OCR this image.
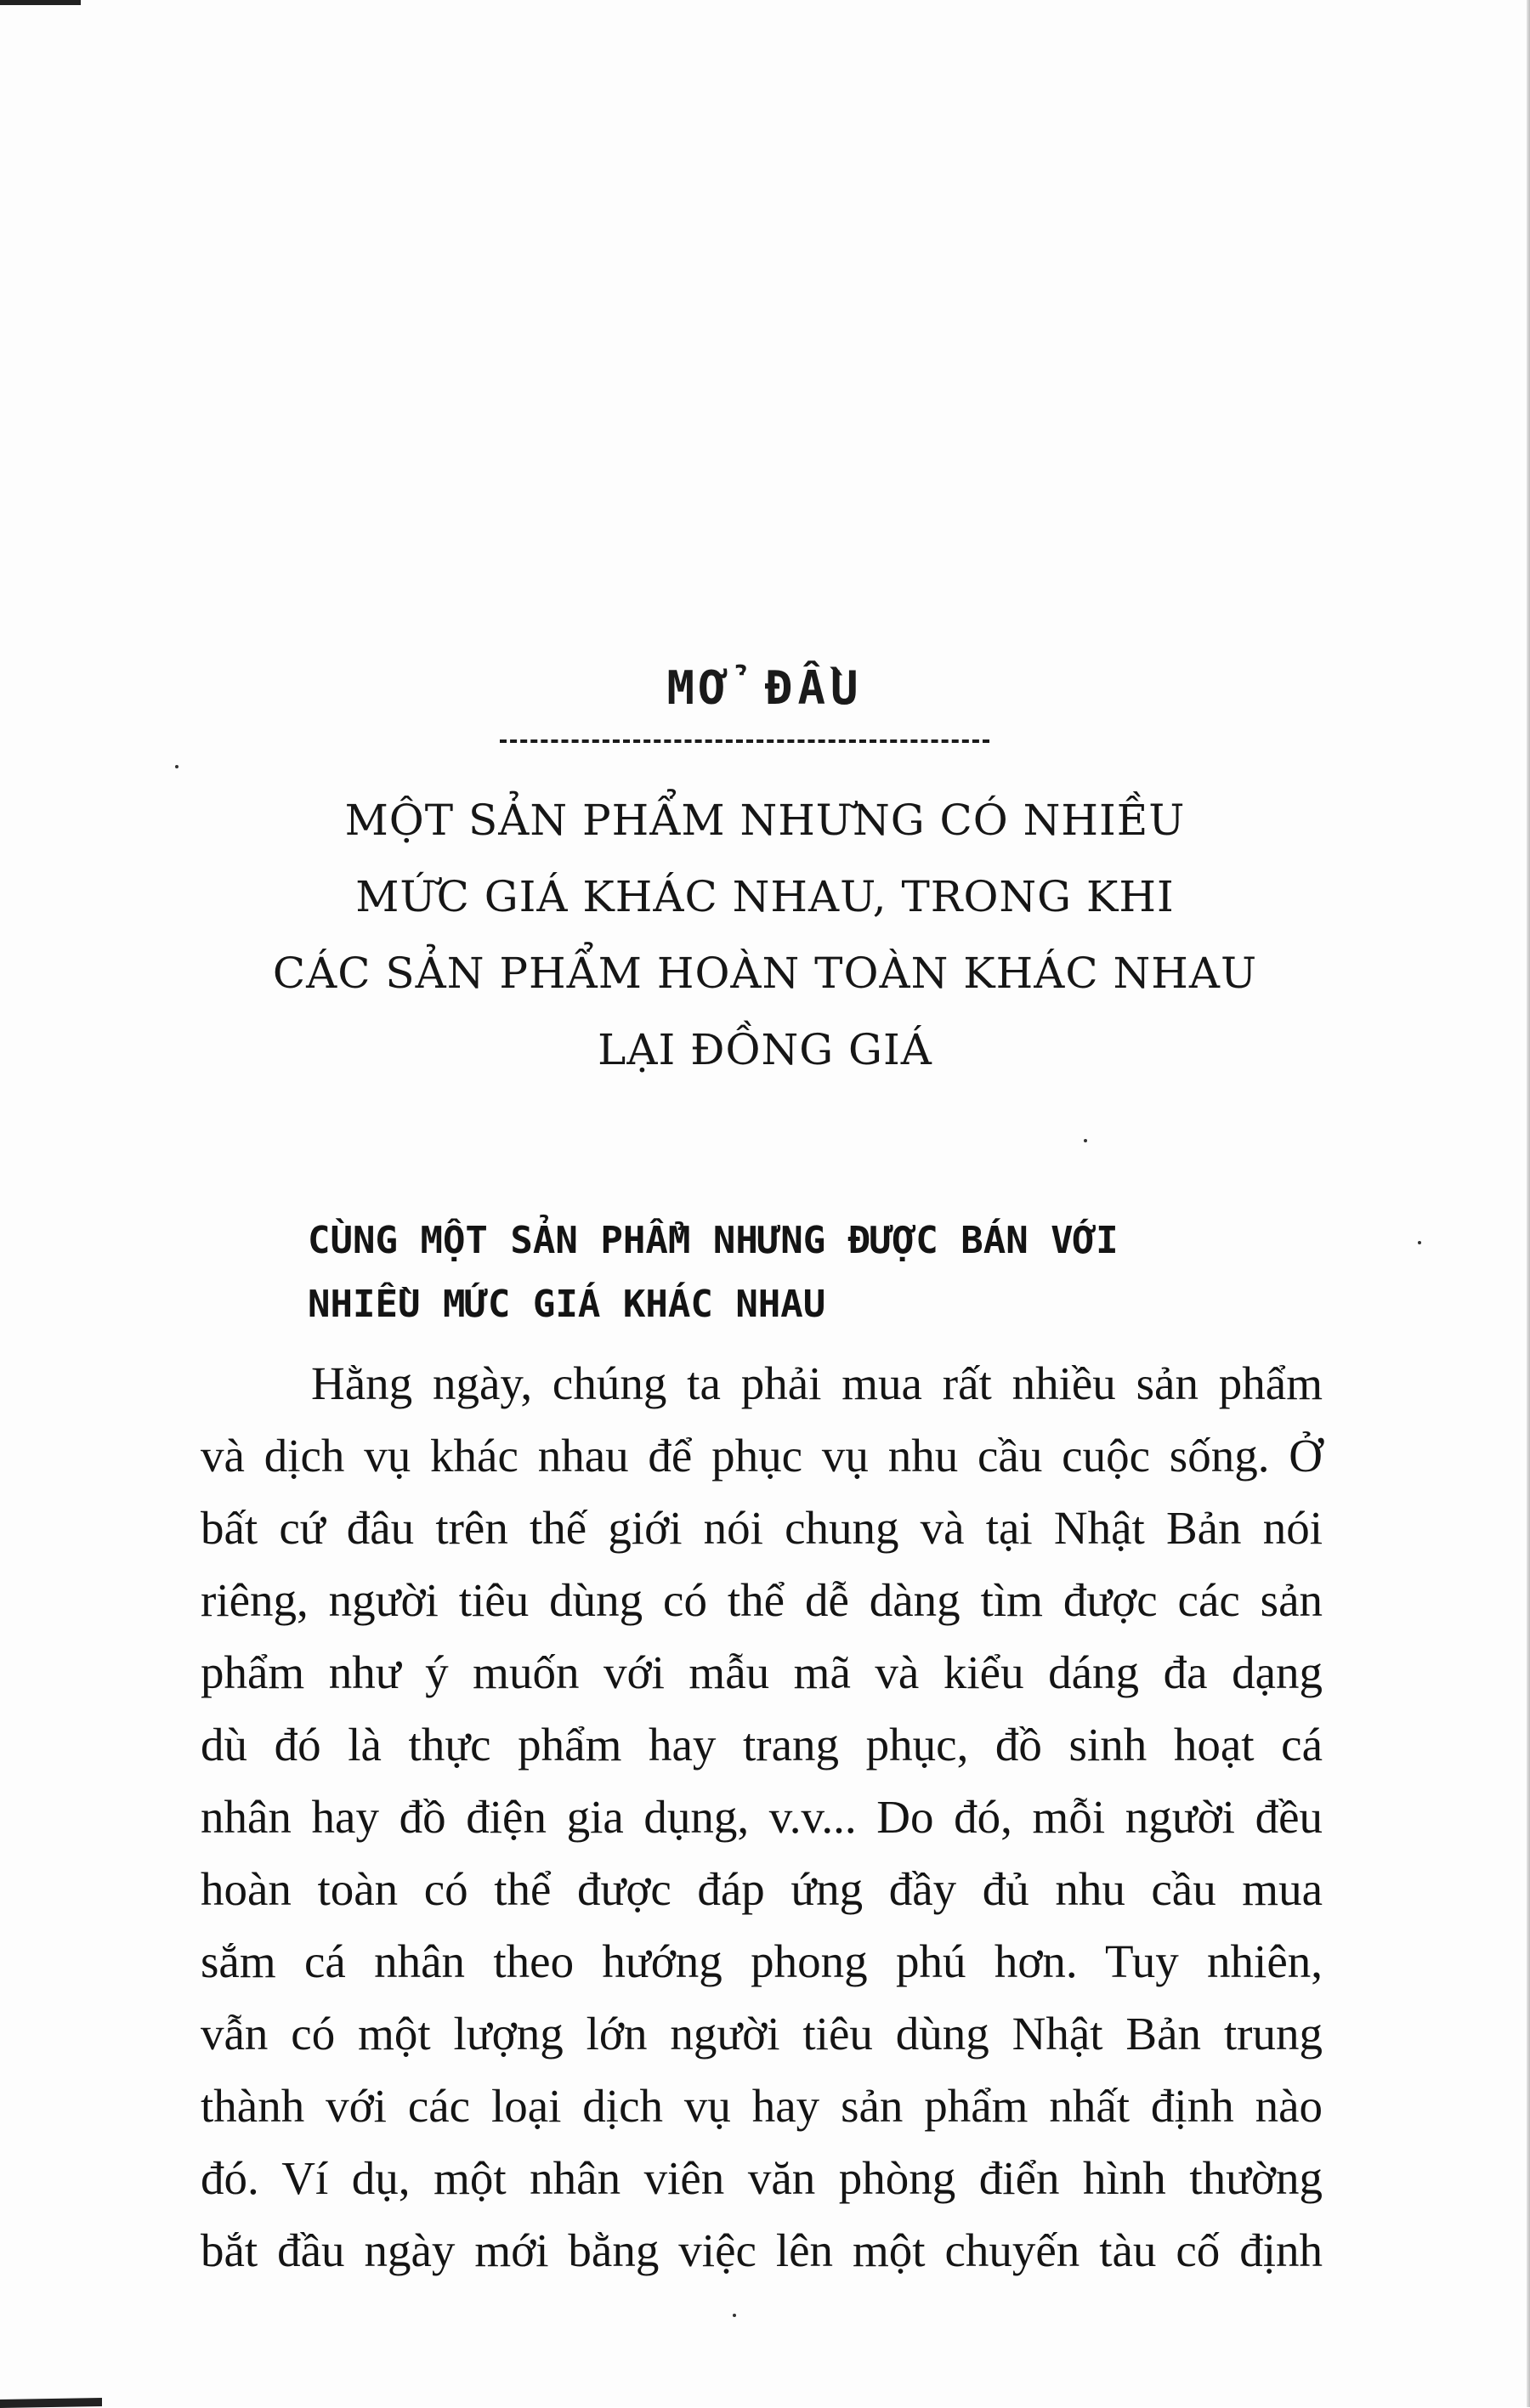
MỞ ĐẦU
MỘT SẢN PHẨM NHƯNG CÓ NHIỀU
MỨC GIÁ KHÁC NHAU, TRONG KHI
CÁC SẢN PHẨM HOÀN TOÀN KHÁC NHAU
LẠI ĐỒNG GIÁ
CÙNG MỘT SẢN PHẨM NHƯNG ĐƯỢC BÁN VỚI
NHIỀU MỨC GIÁ KHÁC NHAU
Hằng ngày, chúng ta phải mua rất nhiều sản phẩm
và dịch vụ khác nhau để phục vụ nhu cầu cuộc sống. Ở
bất cứ đâu trên thế giới nói chung và tại Nhật Bản nói
riêng, người tiêu dùng có thể dễ dàng tìm được các sản
phẩm như ý muốn với mẫu mã và kiểu dáng đa dạng
dù đó là thực phẩm hay trang phục, đồ sinh hoạt cá
nhân hay đồ điện gia dụng, v.v... Do đó, mỗi người đều
hoàn toàn có thể được đáp ứng đầy đủ nhu cầu mua
sắm cá nhân theo hướng phong phú hơn. Tuy nhiên,
vẫn có một lượng lớn người tiêu dùng Nhật Bản trung
thành với các loại dịch vụ hay sản phẩm nhất định nào
đó. Ví dụ, một nhân viên văn phòng điển hình thường
bắt đầu ngày mới bằng việc lên một chuyến tàu cố định
